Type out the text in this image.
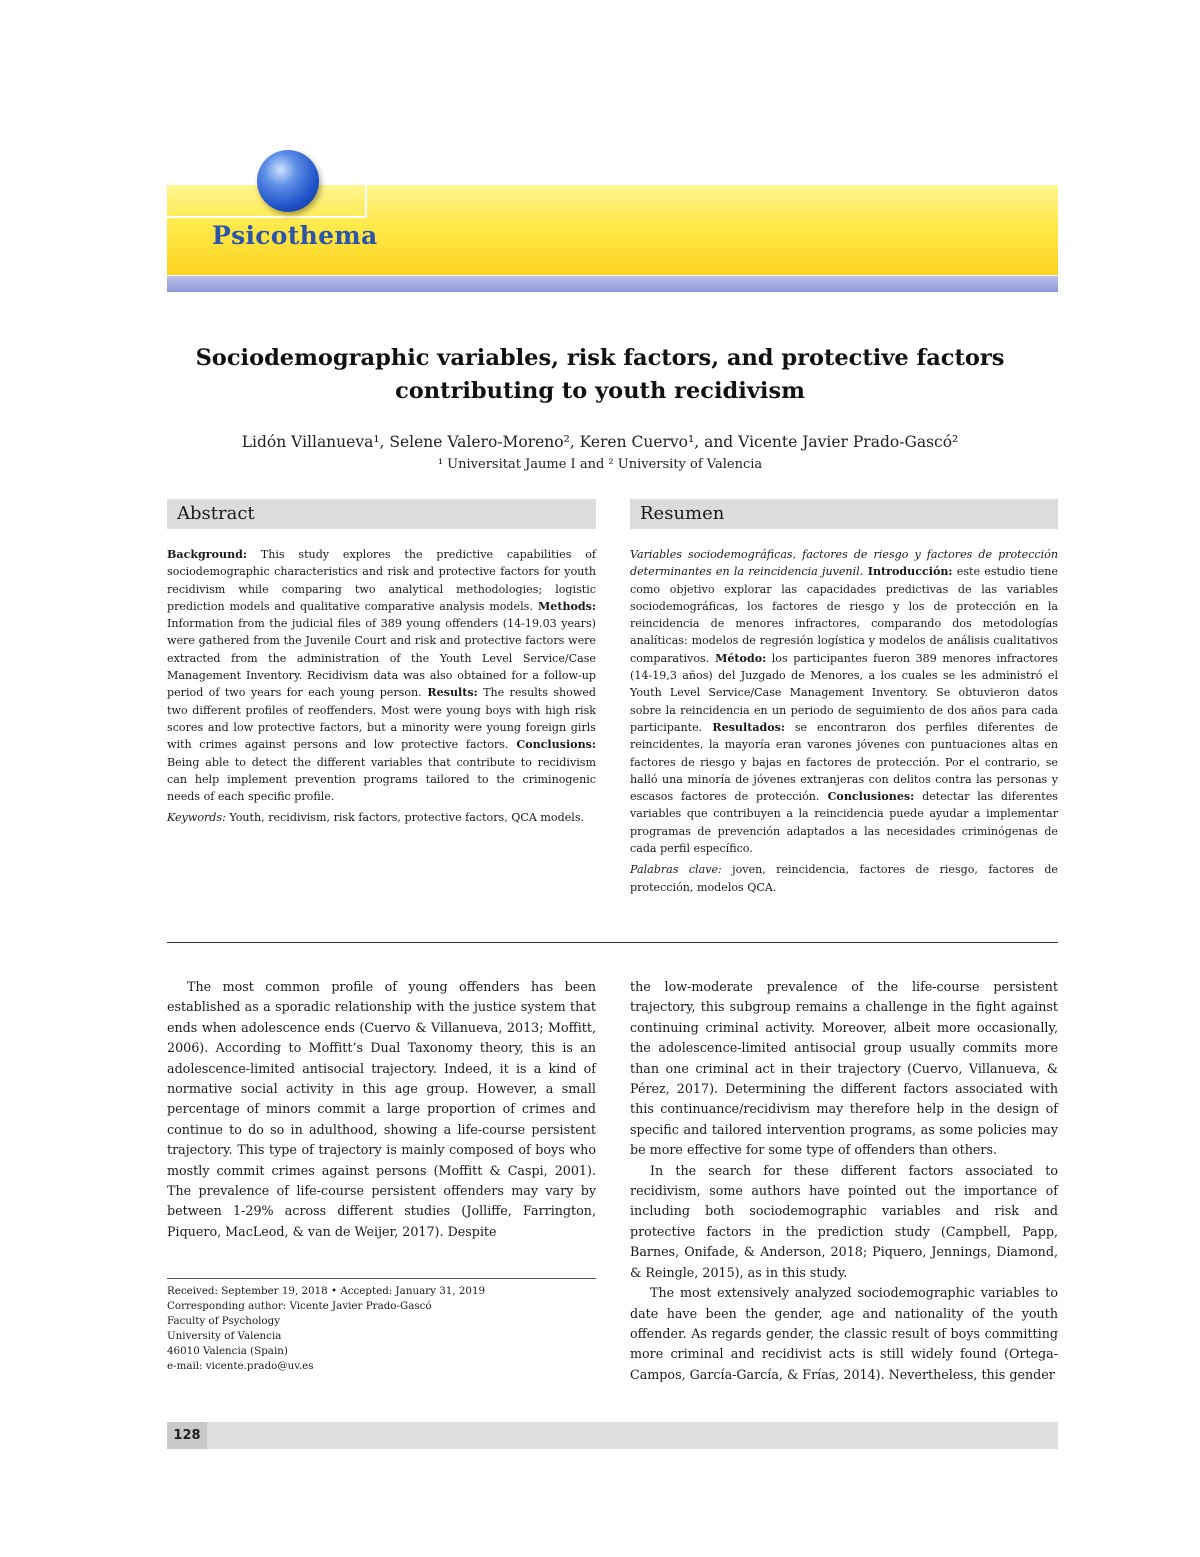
Psicothema
Sociodemographic variables, risk factors, and protective factors
contributing to youth recidivism
Lidón Villanueva¹, Selene Valero-Moreno², Keren Cuervo¹, and Vicente Javier Prado-Gascó²
¹ Universitat Jaume I and ² University of Valencia
Abstract

Background: This study explores the predictive capabilities of sociodemographic characteristics and risk and protective factors for youth recidivism while comparing two analytical methodologies; logistic prediction models and qualitative comparative analysis models. Methods: Information from the judicial files of 389 young offenders (14-19.03 years) were gathered from the Juvenile Court and risk and protective factors were extracted from the administration of the Youth Level Service/Case Management Inventory. Recidivism data was also obtained for a follow-up period of two years for each young person. Results: The results showed two different profiles of reoffenders. Most were young boys with high risk scores and low protective factors, but a minority were young foreign girls with crimes against persons and low protective factors. Conclusions: Being able to detect the different variables that contribute to recidivism can help implement prevention programs tailored to the criminogenic needs of each specific profile.

Keywords: Youth, recidivism, risk factors, protective factors, QCA models.

Resumen

Variables sociodemográficas, factores de riesgo y factores de protección determinantes en la reincidencia juvenil. Introducción: este estudio tiene como objetivo explorar las capacidades predictivas de las variables sociodemográficas, los factores de riesgo y los de protección en la reincidencia de menores infractores, comparando dos metodologías analíticas: modelos de regresión logística y modelos de análisis cualitativos comparativos. Método: los participantes fueron 389 menores infractores (14-19,3 años) del Juzgado de Menores, a los cuales se les administró el Youth Level Service/Case Management Inventory. Se obtuvieron datos sobre la reincidencia en un periodo de seguimiento de dos años para cada participante. Resultados: se encontraron dos perfiles diferentes de reincidentes, la mayoría eran varones jóvenes con puntuaciones altas en factores de riesgo y bajas en factores de protección. Por el contrario, se halló una minoría de jóvenes extranjeras con delitos contra las personas y escasos factores de protección. Conclusiones: detectar las diferentes variables que contribuyen a la reincidencia puede ayudar a implementar programas de prevención adaptados a las necesidades criminógenas de cada perfil específico.

Palabras clave: joven, reincidencia, factores de riesgo, factores de protección, modelos QCA.

The most common profile of young offenders has been established as a sporadic relationship with the justice system that ends when adolescence ends (Cuervo & Villanueva, 2013; Moffitt, 2006). According to Moffitt’s Dual Taxonomy theory, this is an adolescence-limited antisocial trajectory. Indeed, it is a kind of normative social activity in this age group. However, a small percentage of minors commit a large proportion of crimes and continue to do so in adulthood, showing a life-course persistent trajectory. This type of trajectory is mainly composed of boys who mostly commit crimes against persons (Moffitt & Caspi, 2001). The prevalence of life-course persistent offenders may vary by between 1-29% across different studies (Jolliffe, Farrington, Piquero, MacLeod, & van de Weijer, 2017). Despite

the low-moderate prevalence of the life-course persistent trajectory, this subgroup remains a challenge in the fight against continuing criminal activity. Moreover, albeit more occasionally, the adolescence-limited antisocial group usually commits more than one criminal act in their trajectory (Cuervo, Villanueva, & Pérez, 2017). Determining the different factors associated with this continuance/recidivism may therefore help in the design of specific and tailored intervention programs, as some policies may be more effective for some type of offenders than others.

In the search for these different factors associated to recidivism, some authors have pointed out the importance of including both sociodemographic variables and risk and protective factors in the prediction study (Campbell, Papp, Barnes, Onifade, & Anderson, 2018; Piquero, Jennings, Diamond, & Reingle, 2015), as in this study.

The most extensively analyzed sociodemographic variables to date have been the gender, age and nationality of the youth offender. As regards gender, the classic result of boys committing more criminal and recidivist acts is still widely found (Ortega-Campos, García-García, & Frías, 2014). Nevertheless, this gender

Received: September 19, 2018 • Accepted: January 31, 2019
Corresponding author: Vicente Javier Prado-Gascó
Faculty of Psychology
University of Valencia
46010 Valencia (Spain)
e-mail: vicente.prado@uv.es
128
